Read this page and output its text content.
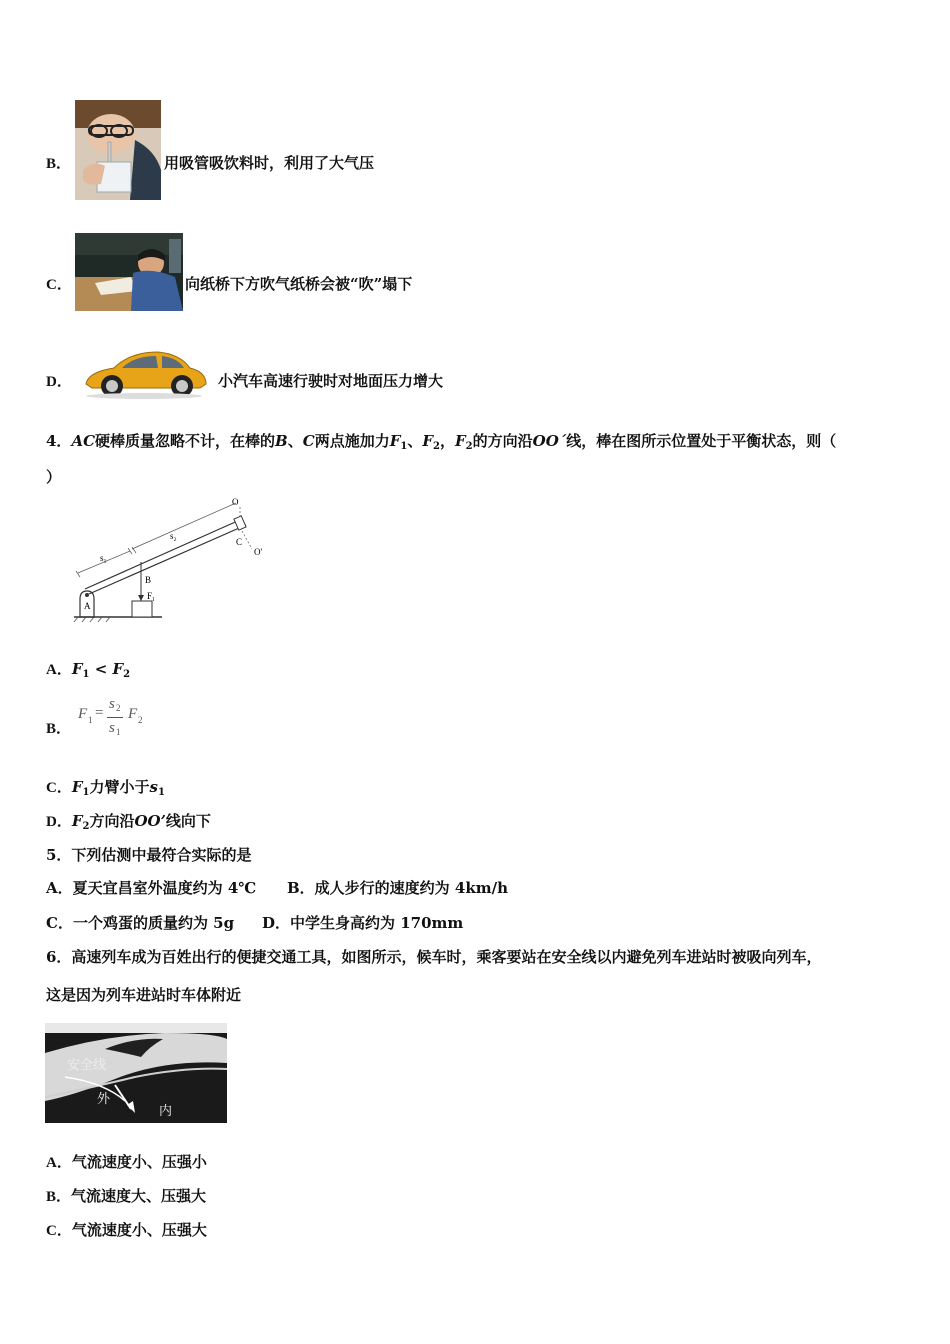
B．	用吸管吸饮料时，利用了大气压
C．	向纸桥下方吹气纸桥会被“吹”塌下
D．	小汽车高速行驶时对地面压力增大
4．AC硬棒质量忽略不计，在棒的B、C两点施加力$F_1$、$F_2$，$F_2$的方向沿OO´线，棒在图所示位置处于平衡状态，则（
）
s₁
s₂
O
C
O'
B
F₁
A
A．$F_1 < F_2$
B．
F 1 =
s 2
s 1
F 2
C．$F_1$力臂小于$s_1$
D．$F_2$方向沿OO’线向下
5．下列估测中最符合实际的是
A．夏天宜昌室外温度约为 4℃ B．成人步行的速度约为 4km/h
C．一个鸡蛋的质量约为 5g D．中学生身高约为 170mm
6．高速列车成为百姓出行的便捷交通工具，如图所示，候车时，乘客要站在安全线以内避免列车进站时被吸向列车，
这是因为列车进站时车体附近
安全线
外
内
A．气流速度小、压强小
B．气流速度大、压强大
C．气流速度小、压强大
